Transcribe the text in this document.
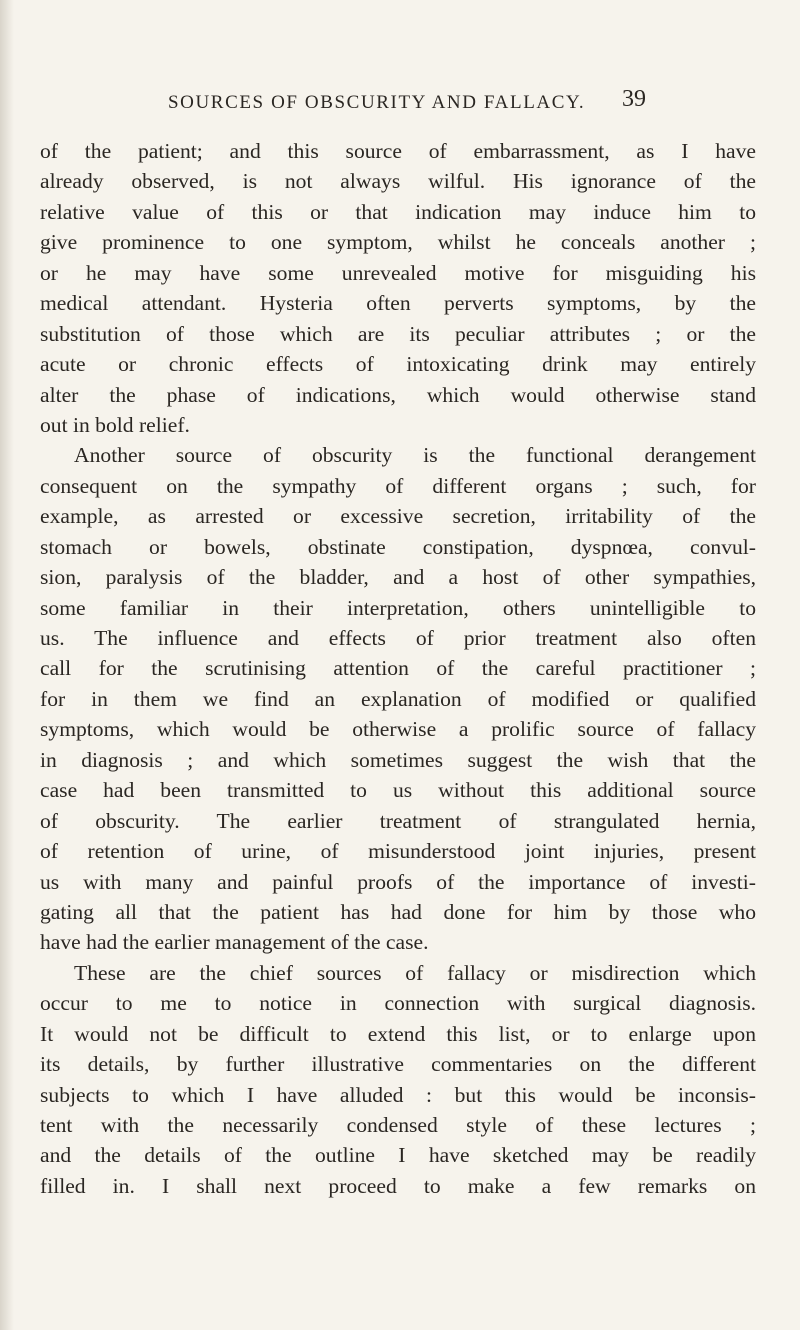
SOURCES OF OBSCURITY AND FALLACY. 39
of the patient; and this source of embarrassment, as I have
already observed, is not always wilful. His ignorance of the
relative value of this or that indication may induce him to
give prominence to one symptom, whilst he conceals another ;
or he may have some unrevealed motive for misguiding his
medical attendant. Hysteria often perverts symptoms, by the
substitution of those which are its peculiar attributes ; or the
acute or chronic effects of intoxicating drink may entirely
alter the phase of indications, which would otherwise stand
out in bold relief.
Another source of obscurity is the functional derangement
consequent on the sympathy of different organs ; such, for
example, as arrested or excessive secretion, irritability of the
stomach or bowels, obstinate constipation, dyspnœa, convul-
sion, paralysis of the bladder, and a host of other sympathies,
some familiar in their interpretation, others unintelligible to
us. The influence and effects of prior treatment also often
call for the scrutinising attention of the careful practitioner ;
for in them we find an explanation of modified or qualified
symptoms, which would be otherwise a prolific source of fallacy
in diagnosis ; and which sometimes suggest the wish that the
case had been transmitted to us without this additional source
of obscurity. The earlier treatment of strangulated hernia,
of retention of urine, of misunderstood joint injuries, present
us with many and painful proofs of the importance of investi-
gating all that the patient has had done for him by those who
have had the earlier management of the case.
These are the chief sources of fallacy or misdirection which
occur to me to notice in connection with surgical diagnosis.
It would not be difficult to extend this list, or to enlarge upon
its details, by further illustrative commentaries on the different
subjects to which I have alluded : but this would be inconsis-
tent with the necessarily condensed style of these lectures ;
and the details of the outline I have sketched may be readily
filled in. I shall next proceed to make a few remarks on
